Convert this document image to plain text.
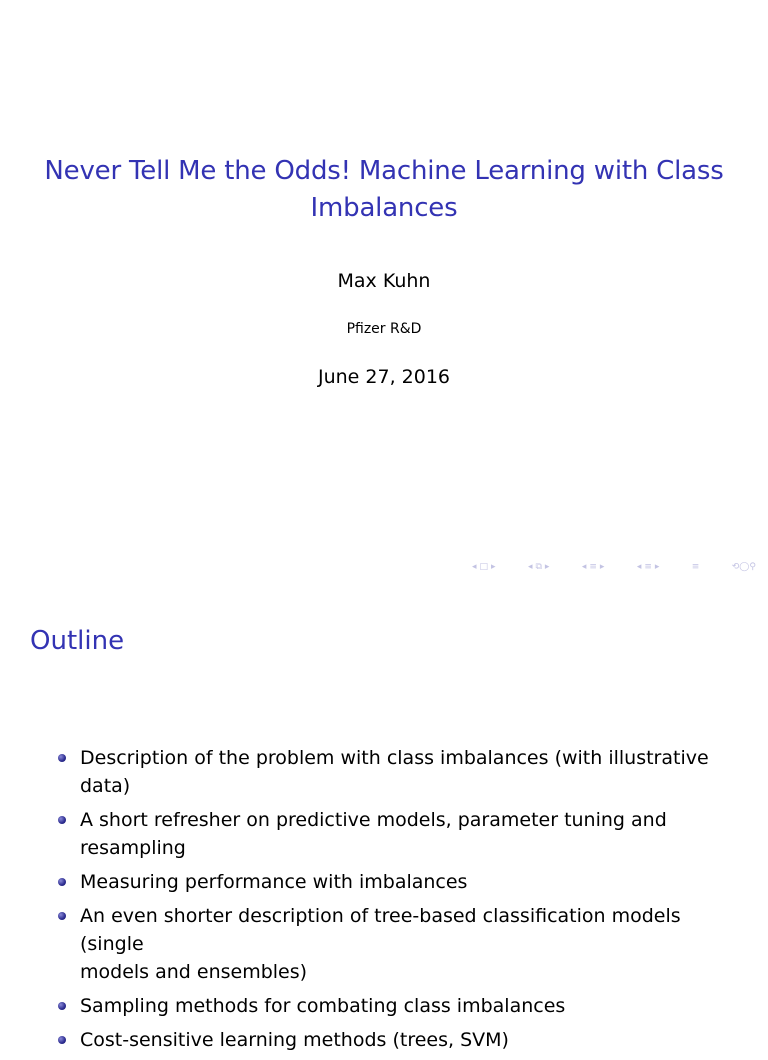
Never Tell Me the Odds! Machine Learning with Class
Imbalances
Max Kuhn
Pfizer R&D
June 27, 2016
◂ □ ▸	◂ ⧉ ▸	◂ ≡ ▸	◂ ≡ ▸	≡	⟲◯⚲
Outline
Description of the problem with class imbalances (with illustrative
data)
A short refresher on predictive models, parameter tuning and
resampling
Measuring performance with imbalances
An even shorter description of tree-based classification models (single
models and ensembles)
Sampling methods for combating class imbalances
Cost-sensitive learning methods (trees, SVM)
